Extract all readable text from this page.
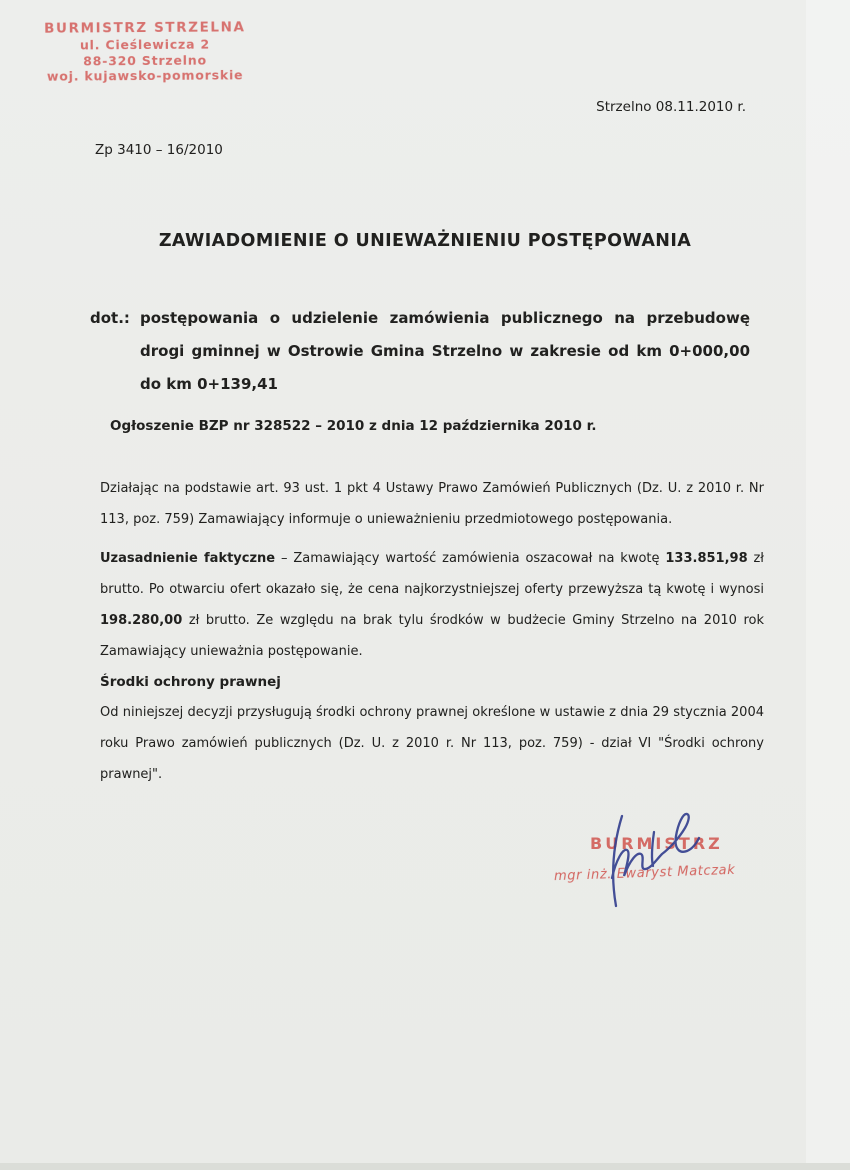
BURMISTRZ STRZELNA
ul. Cieślewicza 2
88-320 Strzelno
woj. kujawsko-pomorskie
Strzelno 08.11.2010 r.
Zp 3410 – 16/2010
ZAWIADOMIENIE O UNIEWAŻNIENIU POSTĘPOWANIA
dot.: postępowania o udzielenie zamówienia publicznego na przebudowę drogi gminnej w Ostrowie Gmina Strzelno w zakresie od km 0+000,00 do km 0+139,41
Ogłoszenie BZP nr 328522 – 2010 z dnia 12 października 2010 r.

Działając na podstawie art. 93 ust. 1 pkt 4 Ustawy Prawo Zamówień Publicznych (Dz. U. z 2010 r. Nr 113, poz. 759) Zamawiający informuje o unieważnieniu przedmiotowego postępowania.

Uzasadnienie faktyczne – Zamawiający wartość zamówienia oszacował na kwotę 133.851,98 zł brutto. Po otwarciu ofert okazało się, że cena najkorzystniejszej oferty przewyższa tą kwotę i wynosi 198.280,00 zł brutto. Ze względu na brak tylu środków w budżecie Gminy Strzelno na 2010 rok Zamawiający unieważnia postępowanie.

Środki ochrony prawnej

Od niniejszej decyzji przysługują środki ochrony prawnej określone w ustawie z dnia 29 stycznia 2004 roku Prawo zamówień publicznych (Dz. U. z 2010 r. Nr 113, poz. 759) - dział VI "Środki ochrony prawnej".

BURMISTRZ
mgr inż. Ewaryst Matczak
